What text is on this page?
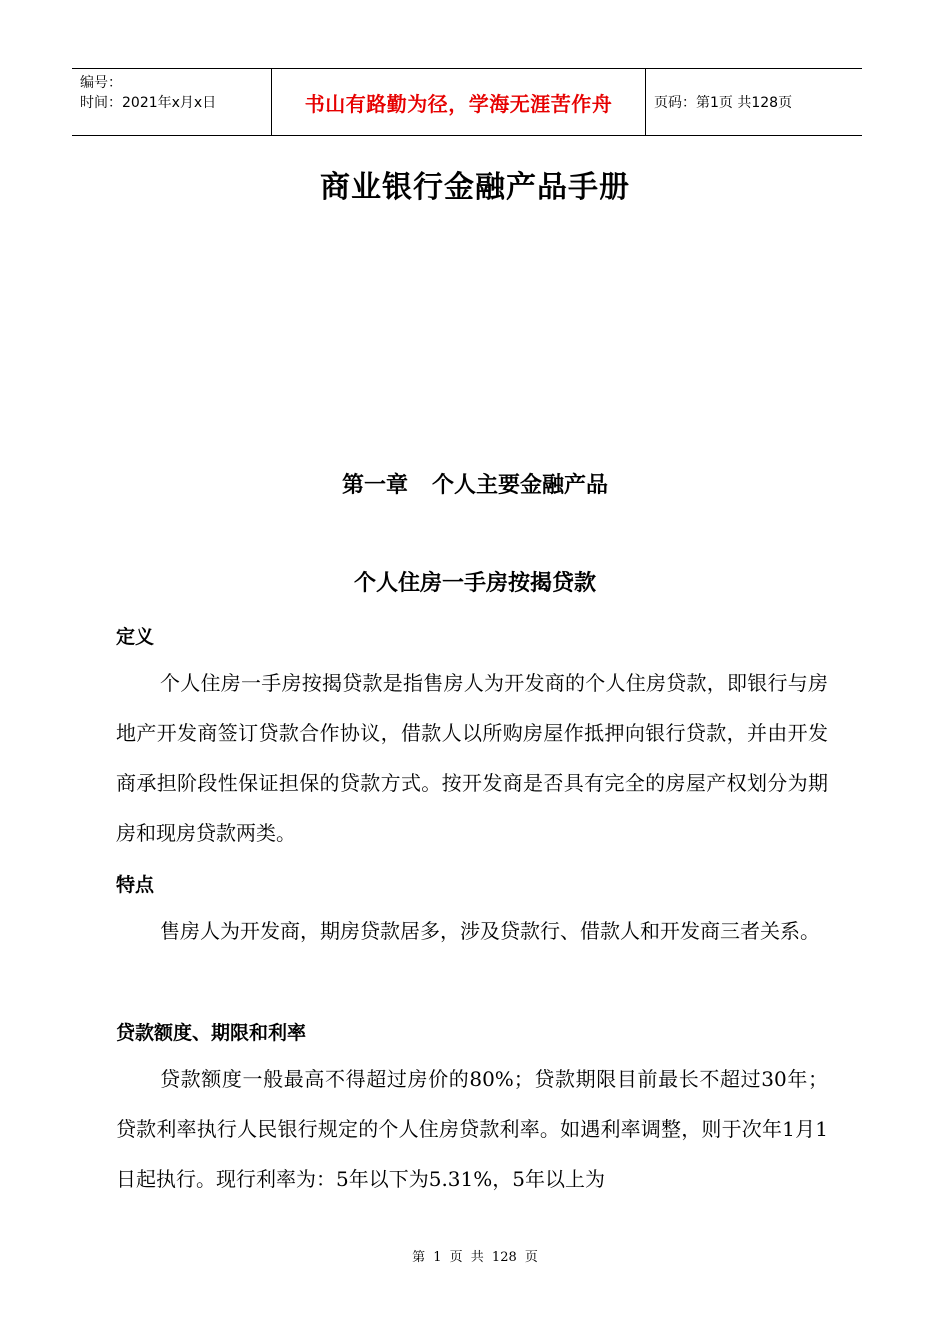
编号：
时间：2021年x月x日	书山有路勤为径，学海无涯苦作舟	页码：第1页 共128页
商业银行金融产品手册
第一章 个人主要金融产品
个人住房一手房按揭贷款
定义

个人住房一手房按揭贷款是指售房人为开发商的个人住房贷款，即银行与房地产开发商签订贷款合作协议，借款人以所购房屋作抵押向银行贷款，并由开发商承担阶段性保证担保的贷款方式。按开发商是否具有完全的房屋产权划分为期房和现房贷款两类。

特点

售房人为开发商，期房贷款居多，涉及贷款行、借款人和开发商三者关系。

贷款额度、期限和利率

贷款额度一般最高不得超过房价的80%；贷款期限目前最长不超过30年；贷款利率执行人民银行规定的个人住房贷款利率。如遇利率调整，则于次年1月1日起执行。现行利率为：5年以下为5.31%，5年以上为

第 1 页 共 128 页
